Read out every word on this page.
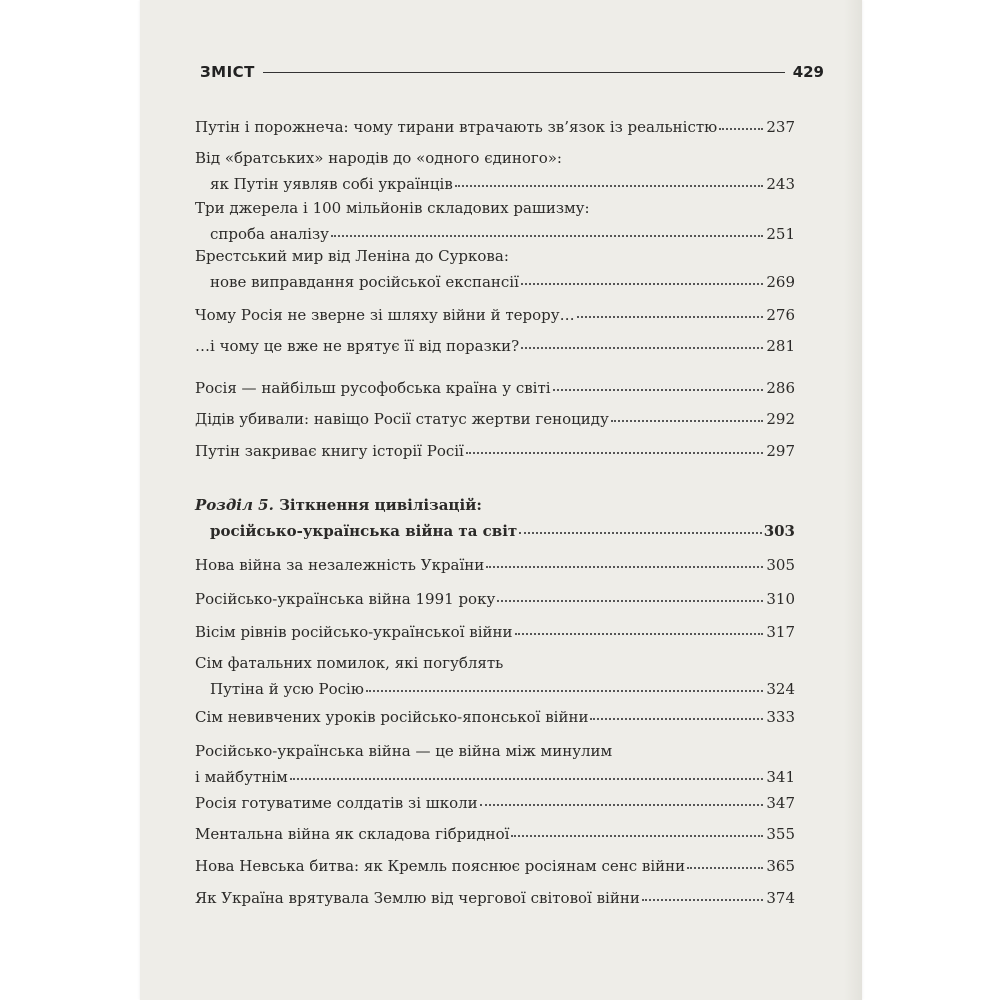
ЗМІСТ	429
Путін і порожнеча: чому тирани втрачають зв’язок із реальністю	237
Від «братських» народів до «одного єдиного»:
як Путін уявляв собі українців	243
Три джерела і 100 мільйонів складових рашизму:
спроба аналізу	251
Брестський мир від Леніна до Суркова:
нове виправдання російської експансії	269
Чому Росія не зверне зі шляху війни й терору…	276
…і чому це вже не врятує її від поразки?	281
Росія — найбільш русофобська країна у світі	286
Дідів убивали: навіщо Росії статус жертви геноциду	292
Путін закриває книгу історії Росії	297
Розділ 5.
Зіткнення цивілізацій:
російсько-українська війна та світ	303
Нова війна за незалежність України	305
Російсько-українська війна 1991 року	310
Вісім рівнів російсько-української війни	317
Сім фатальних помилок, які погублять
Путіна й усю Росію	324
Сім невивчених уроків російсько-японської війни	333
Російсько-українська війна — це війна між минулим
і майбутнім	341
Росія готуватиме солдатів зі школи	347
Ментальна війна як складова гібридної	355
Нова Невська битва: як Кремль пояснює росіянам сенс війни	365
Як Україна врятувала Землю від чергової світової війни	374
